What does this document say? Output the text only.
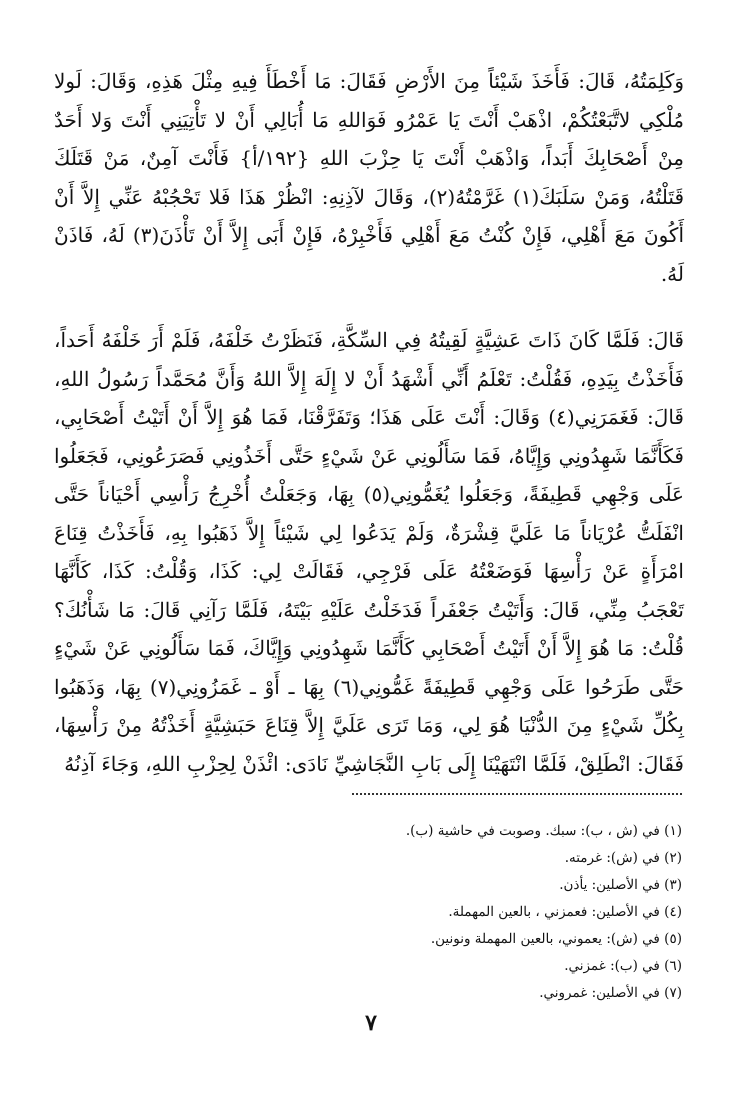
وَكَلِمَتُهُ، قَالَ: فَأَخَذَ شَيْئاً مِنَ الأَرْضِ فَقَالَ: مَا أَخْطَأَ فِيهِ مِثْلَ هَذِهِ، وَقَالَ: لَولا مُلْكِي لاتَّبَعْتُكُمْ، اذْهَبْ أَنْتَ يَا عَمْرُو فَوَاللهِ مَا أُبَالِي أَنْ لا تَأْتِيَنِي أَنْتَ وَلا أَحَدٌ مِنْ أَصْحَابِكَ أَبَداً، وَاذْهَبْ أَنْتَ يَا حِزْبَ اللهِ {١٩٢/أ} فَأَنْتَ آمِنٌ، مَنْ قَتَلَكَ قَتَلْتُهُ، وَمَنْ سَلَبَكَ(١) غَرَّمْتُهُ(٢)، وَقَالَ لآذِنِهِ: انْظُرْ هَذَا فَلا تَحْجُبْهُ عَنِّي إِلاَّ أَنْ أَكُونَ مَعَ أَهْلِي، فَإِنْ كُنْتُ مَعَ أَهْلِي فَأَخْبِرْهُ، فَإِنْ أَبَى إِلاَّ أَنْ تَأْذَنَ(٣) لَهُ، فَاذَنْ لَهُ.

قَالَ: فَلَمَّا كَانَ ذَاتَ عَشِيَّةٍ لَقِيتُهُ فِي السِّكَّةِ، فَنَظَرْتُ خَلْفَهُ، فَلَمْ أَرَ خَلْفَهُ أَحَداً، فَأَخَذْتُ بِيَدِهِ، فَقُلْتُ: تَعْلَمُ أَنِّي أَشْهَدُ أَنْ لا إِلَهَ إِلاَّ اللهُ وَأَنَّ مُحَمَّداً رَسُولُ اللهِ، قَالَ: فَغَمَرَنِي(٤) وَقَالَ: أَنْتَ عَلَى هَذَا؛ وَتَفَرَّقْنَا، فَمَا هُوَ إِلاَّ أَنْ أَتَيْتُ أَصْحَابِي، فَكَأَنَّمَا شَهِدُونِي وَإِيَّاهُ، فَمَا سَأَلُونِي عَنْ شَيْءٍ حَتَّى أَخَذُونِي فَصَرَعُونِي، فَجَعَلُوا عَلَى وَجْهِي قَطِيفَةً، وَجَعَلُوا يُغَمُّونِي(٥) بِهَا، وَجَعَلْتُ أُخْرِجُ رَأْسِي أَحْيَاناً حَتَّى انْفَلَتُّ عُرْيَاناً مَا عَلَيَّ قِشْرَةٌ، وَلَمْ يَدَعُوا لِي شَيْئاً إِلاَّ ذَهَبُوا بِهِ، فَأَخَذْتُ قِنَاعَ امْرَأَةٍ عَنْ رَأْسِهَا فَوَضَعْتُهُ عَلَى فَرْجِي، فَقَالَتْ لِي: كَذَا، وَقُلْتُ: كَذَا، كَأَنَّهَا تَعْجَبُ مِنِّي، قَالَ: وَأَتَيْتُ جَعْفَراً فَدَخَلْتُ عَلَيْهِ بَيْتَهُ، فَلَمَّا رَآنِي قَالَ: مَا شَأْنُكَ؟ قُلْتُ: مَا هُوَ إِلاَّ أَنْ أَتَيْتُ أَصْحَابِي كَأَنَّمَا شَهِدُونِي وَإِيَّاكَ، فَمَا سَأَلُونِي عَنْ شَيْءٍ حَتَّى طَرَحُوا عَلَى وَجْهِي قَطِيفَةً غَمُّونِي(٦) بِهَا ـ أَوْ ـ غَمَزُونِي(٧) بِهَا، وَذَهَبُوا بِكُلِّ شَيْءٍ مِنَ الدُّنْيَا هُوَ لِي، وَمَا تَرَى عَلَيَّ إِلاَّ قِنَاعَ حَبَشِيَّةٍ أَخَذْتُهُ مِنْ رَأْسِهَا، فَقَالَ: انْطَلِقْ، فَلَمَّا انْتَهَيْنَا إِلَى بَابِ النَّجَاشِيِّ نَادَى: ائْذَنْ لِحِزْبِ اللهِ، وَجَاءَ آذِنُهُ

(١) في (ش ، ب): سبك. وصوبت في حاشية (ب).
(٢) في (ش): غرمته.
(٣) في الأصلين: يأذن.
(٤) في الأصلين: فعمزني ، بالعين المهملة.
(٥) في (ش): يعموني، بالعين المهملة ونونين.
(٦) في (ب): غمزني.
(٧) في الأصلين: غمروني.
٧
